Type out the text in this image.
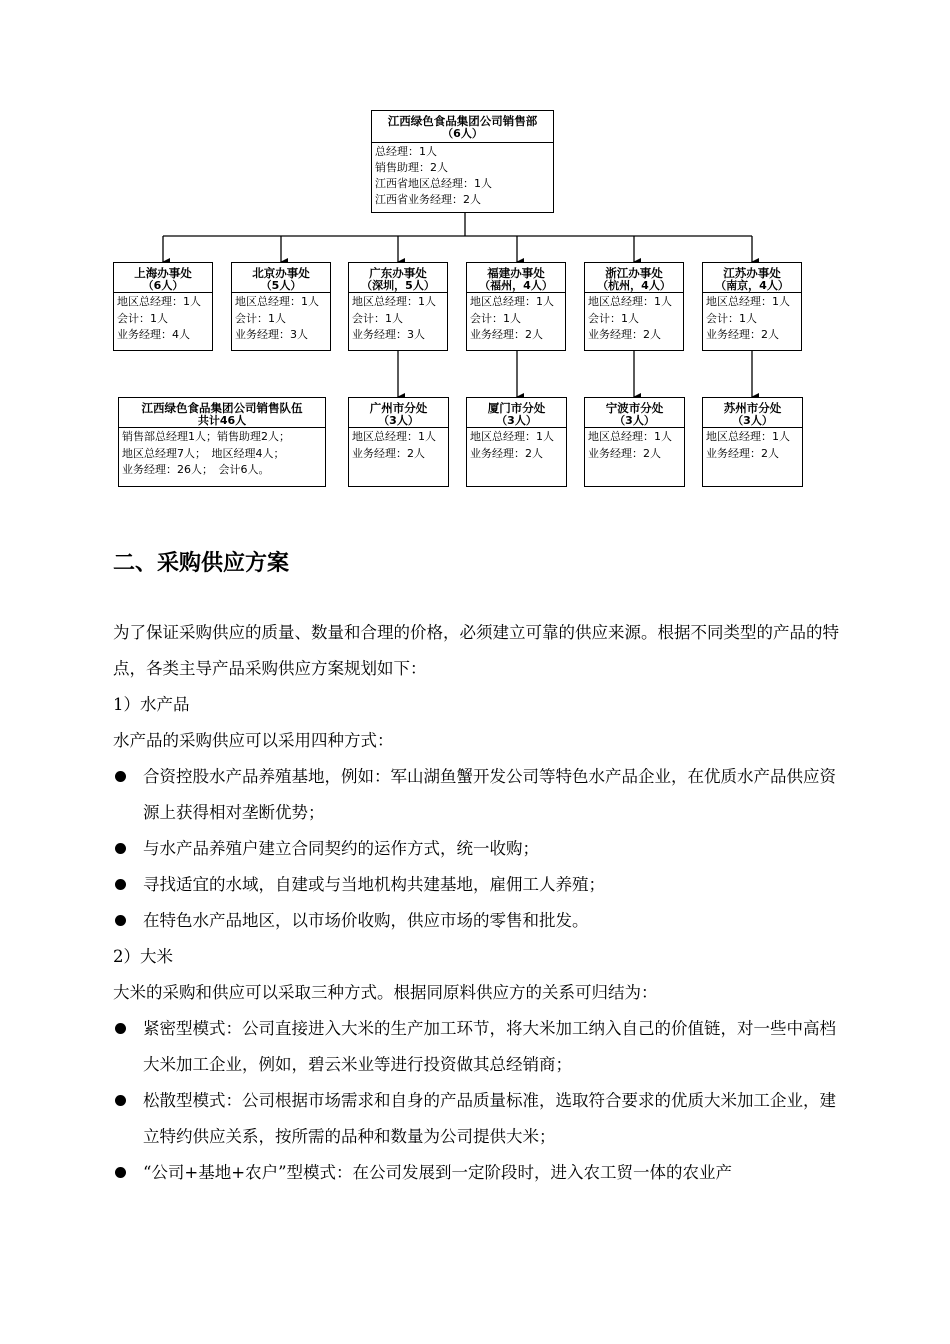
江西绿色食品集团公司销售部
（6人）
总经理：1人
销售助理：2人
江西省地区总经理：1人
江西省业务经理：2人
上海办事处
（6人）
地区总经理：1人
会计：1人
业务经理：4人
北京办事处
（5人）
地区总经理：1人
会计：1人
业务经理：3人
广东办事处
（深圳，5人）
地区总经理：1人
会计：1人
业务经理：3人
福建办事处
（福州，4人）
地区总经理：1人
会计：1人
业务经理：2人
浙江办事处
（杭州，4人）
地区总经理：1人
会计：1人
业务经理：2人
江苏办事处
（南京，4人）
地区总经理：1人
会计：1人
业务经理：2人
江西绿色食品集团公司销售队伍
共计46人
销售部总经理1人；销售助理2人；
地区总经理7人；　地区经理4人；
业务经理：26人；　会计6人。
广州市分处
（3人）
地区总经理：1人
业务经理：2人
厦门市分处
（3人）
地区总经理：1人
业务经理：2人
宁波市分处
（3人）
地区总经理：1人
业务经理：2人
苏州市分处
（3人）
地区总经理：1人
业务经理：2人
二、采购供应方案

为了保证采购供应的质量、数量和合理的价格，必须建立可靠的供应来源。根据不同类型的产品的特点，各类主导产品采购供应方案规划如下：

1）水产品

水产品的采购供应可以采用四种方式：

合资控股水产品养殖基地，例如：军山湖鱼蟹开发公司等特色水产品企业，在优质水产品供应资源上获得相对垄断优势；
与水产品养殖户建立合同契约的运作方式，统一收购；
寻找适宜的水域，自建或与当地机构共建基地，雇佣工人养殖；
在特色水产品地区，以市场价收购，供应市场的零售和批发。

2）大米

大米的采购和供应可以采取三种方式。根据同原料供应方的关系可归结为：

紧密型模式：公司直接进入大米的生产加工环节，将大米加工纳入自己的价值链，对一些中高档大米加工企业，例如，碧云米业等进行投资做其总经销商；
松散型模式：公司根据市场需求和自身的产品质量标准，选取符合要求的优质大米加工企业，建立特约供应关系，按所需的品种和数量为公司提供大米；
“公司+基地+农户”型模式：在公司发展到一定阶段时，进入农工贸一体的农业产
